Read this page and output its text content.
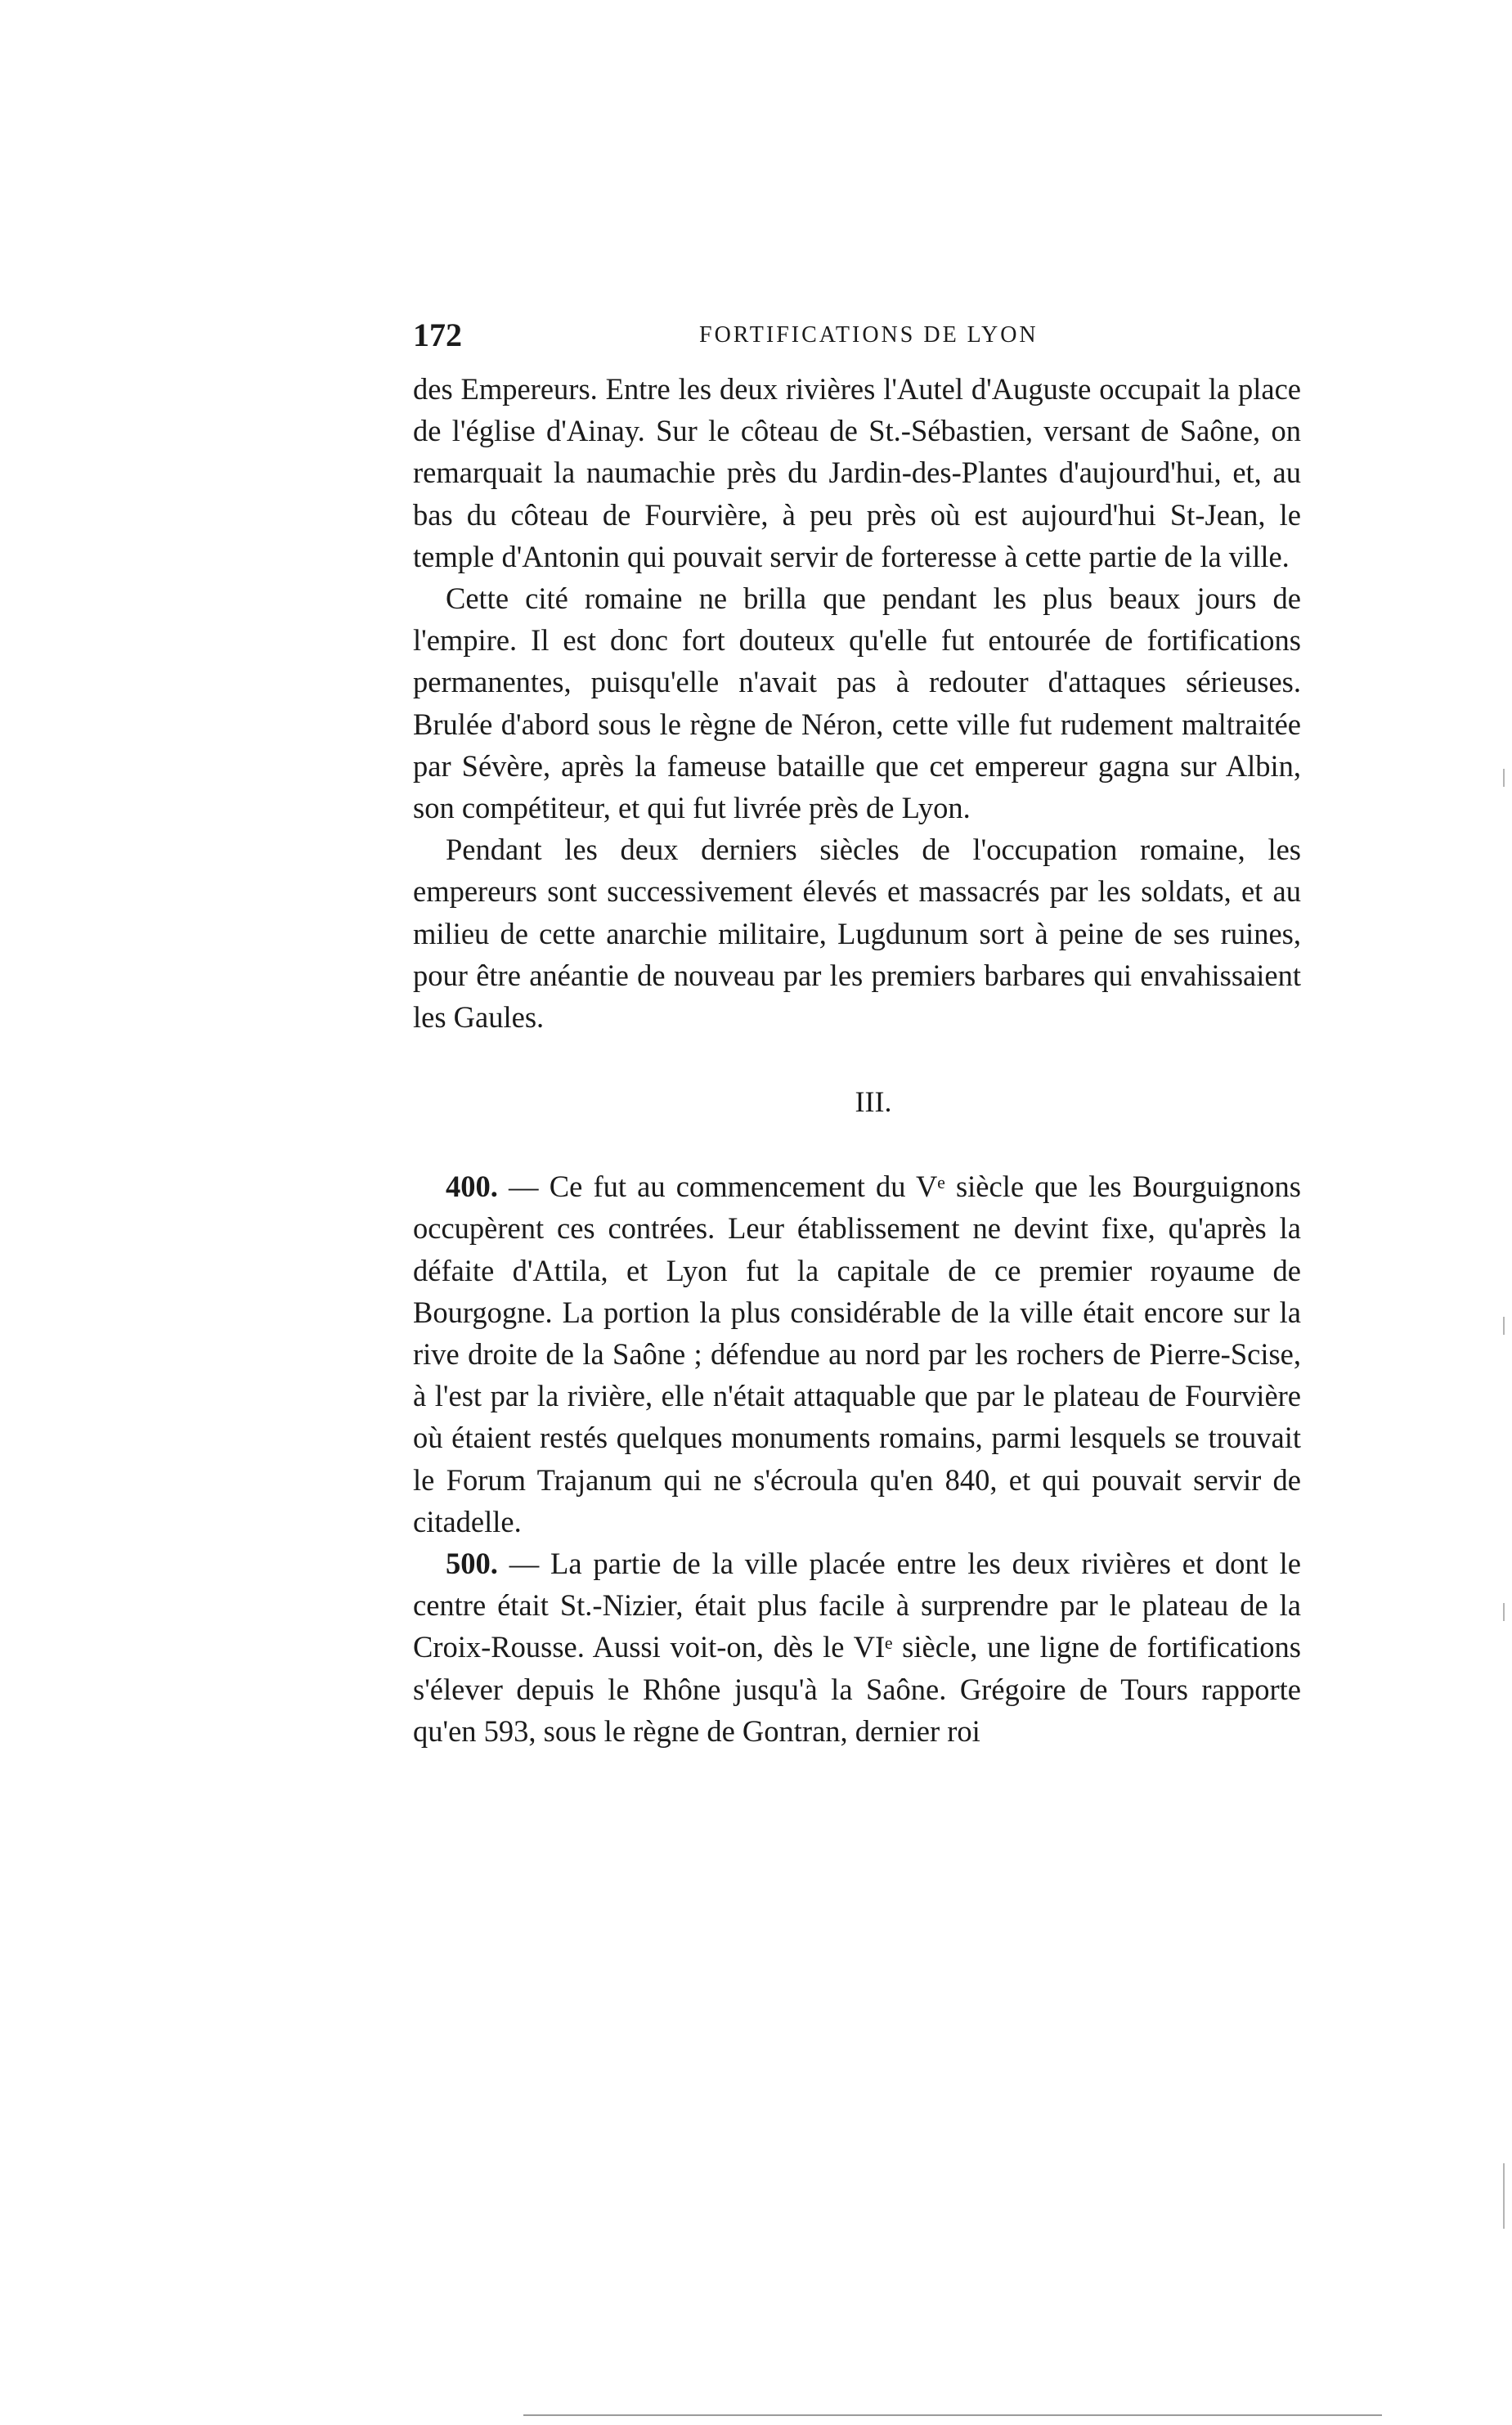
172	FORTIFICATIONS DE LYON

des Empereurs. Entre les deux rivières l'Autel d'Auguste occupait la place de l'église d'Ainay. Sur le côteau de St.-Sébastien, versant de Saône, on remarquait la naumachie près du Jardin-des-Plantes d'aujourd'hui, et, au bas du côteau de Fourvière, à peu près où est aujourd'hui St-Jean, le temple d'Antonin qui pouvait servir de forteresse à cette partie de la ville.

Cette cité romaine ne brilla que pendant les plus beaux jours de l'empire. Il est donc fort douteux qu'elle fut entourée de fortifications permanentes, puisqu'elle n'avait pas à redouter d'attaques sérieuses. Brulée d'abord sous le règne de Néron, cette ville fut rudement maltraitée par Sévère, après la fameuse bataille que cet empereur gagna sur Albin, son compétiteur, et qui fut livrée près de Lyon.

Pendant les deux derniers siècles de l'occupation romaine, les empereurs sont successivement élevés et massacrés par les soldats, et au milieu de cette anarchie militaire, Lugdunum sort à peine de ses ruines, pour être anéantie de nouveau par les premiers barbares qui envahissaient les Gaules.

III.

400. — Ce fut au commencement du Vᵉ siècle que les Bourguignons occupèrent ces contrées. Leur établissement ne devint fixe, qu'après la défaite d'Attila, et Lyon fut la capitale de ce premier royaume de Bourgogne. La portion la plus considérable de la ville était encore sur la rive droite de la Saône ; défendue au nord par les rochers de Pierre-Scise, à l'est par la rivière, elle n'était attaquable que par le plateau de Fourvière où étaient restés quelques monuments romains, parmi lesquels se trouvait le Forum Trajanum qui ne s'écroula qu'en 840, et qui pouvait servir de citadelle.

500. — La partie de la ville placée entre les deux rivières et dont le centre était St.-Nizier, était plus facile à surprendre par le plateau de la Croix-Rousse. Aussi voit-on, dès le VIᵉ siècle, une ligne de fortifications s'élever depuis le Rhône jusqu'à la Saône. Grégoire de Tours rapporte qu'en 593, sous le règne de Gontran, dernier roi
